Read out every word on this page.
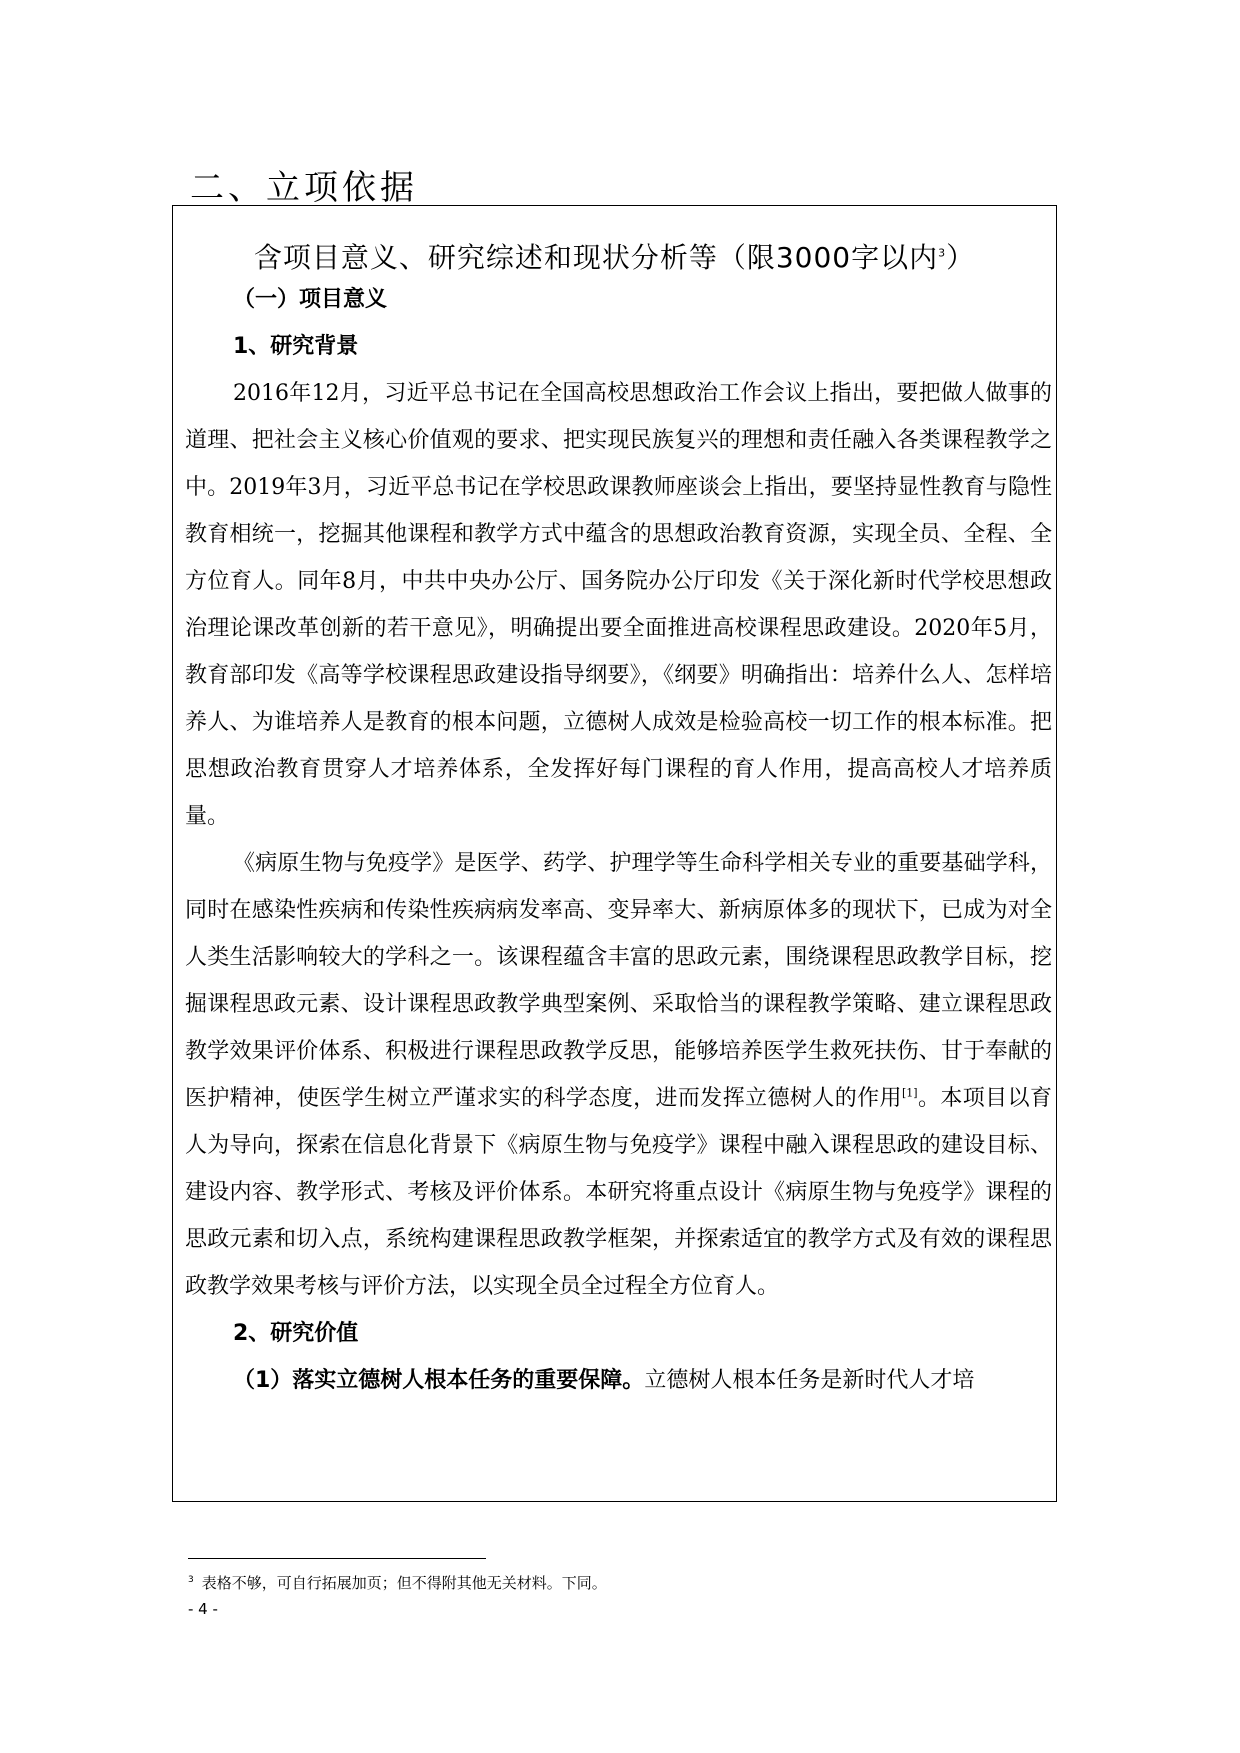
二、立项依据
含项目意义、研究综述和现状分析等（限3000字以内$^3$）
（一）项目意义
1、研究背景

2016年12月，习近平总书记在全国高校思想政治工作会议上指出，要把做人做事的道理、把社会主义核心价值观的要求、把实现民族复兴的理想和责任融入各类课程教学之中。2019年3月，习近平总书记在学校思政课教师座谈会上指出，要坚持显性教育与隐性教育相统一，挖掘其他课程和教学方式中蕴含的思想政治教育资源，实现全员、全程、全方位育人。同年8月，中共中央办公厅、国务院办公厅印发《关于深化新时代学校思想政治理论课改革创新的若干意见》，明确提出要全面推进高校课程思政建设。2020年5月，教育部印发《高等学校课程思政建设指导纲要》，《纲要》明确指出：培养什么人、怎样培养人、为谁培养人是教育的根本问题，立德树人成效是检验高校一切工作的根本标准。把思想政治教育贯穿人才培养体系，全发挥好每门课程的育人作用，提高高校人才培养质量。

《病原生物与免疫学》是医学、药学、护理学等生命科学相关专业的重要基础学科，同时在感染性疾病和传染性疾病病发率高、变异率大、新病原体多的现状下，已成为对全人类生活影响较大的学科之一。该课程蕴含丰富的思政元素，围绕课程思政教学目标，挖掘课程思政元素、设计课程思政教学典型案例、采取恰当的课程教学策略、建立课程思政教学效果评价体系、积极进行课程思政教学反思，能够培养医学生救死扶伤、甘于奉献的医护精神，使医学生树立严谨求实的科学态度，进而发挥立德树人的作用[1]。本项目以育人为导向，探索在信息化背景下《病原生物与免疫学》课程中融入课程思政的建设目标、建设内容、教学形式、考核及评价体系。本研究将重点设计《病原生物与免疫学》课程的思政元素和切入点，系统构建课程思政教学框架，并探索适宜的教学方式及有效的课程思政教学效果考核与评价方法，以实现全员全过程全方位育人。

2、研究价值

（1）落实立德树人根本任务的重要保障。立德树人根本任务是新时代人才培

$^3$ 表格不够，可自行拓展加页；但不得附其他无关材料。下同。
- 4 -
